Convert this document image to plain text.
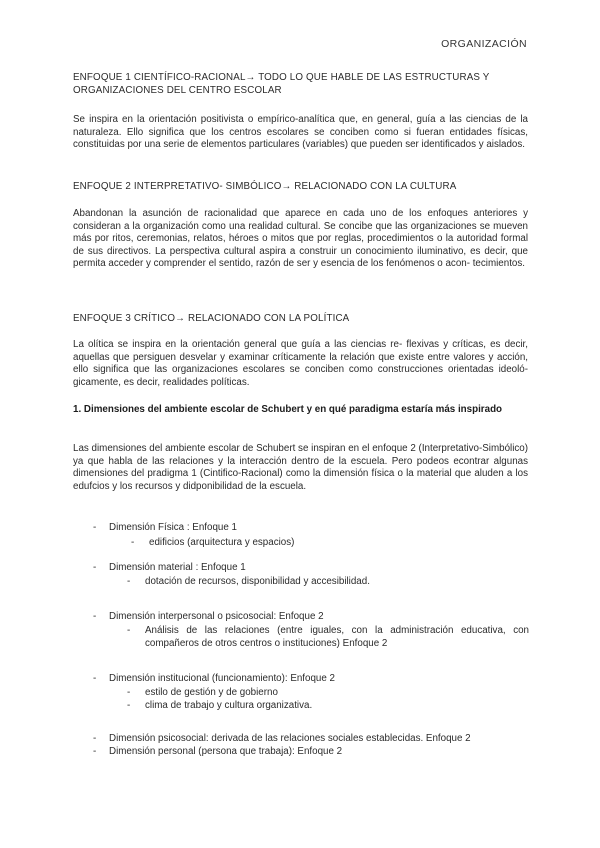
ORGANIZACIÓN
ENFOQUE 1 CIENTÍFICO-RACIONAL→ TODO LO QUE HABLE DE LAS ESTRUCTURAS Y ORGANIZACIONES DEL CENTRO ESCOLAR
Se inspira en la orientación positivista o empírico-analítica que, en general, guía a las ciencias de la naturaleza. Ello significa que los centros escolares se conciben como si fueran entidades físicas, constituidas por una serie de elementos particulares (variables) que pueden ser identificados y aislados.
ENFOQUE 2 INTERPRETATIVO- SIMBÓLICO→ RELACIONADO CON LA CULTURA
Abandonan la asunción de racionalidad que aparece en cada uno de los enfoques anteriores y consideran a la organización como una realidad cultural. Se concibe que las organizaciones se mueven más por ritos, ceremonias, relatos, héroes o mitos que por reglas, procedimientos o la autoridad formal de sus directivos. La perspectiva cultural aspira a construir un conocimiento iluminativo, es decir, que permita acceder y comprender el sentido, razón de ser y esencia de los fenómenos o acon- tecimientos.
ENFOQUE 3 CRÍTICO→ RELACIONADO CON LA POLÍTICA
La olítica se inspira en la orientación general que guía a las ciencias re- flexivas y críticas, es decir, aquellas que persiguen desvelar y examinar críticamente la relación que existe entre valores y acción, ello significa que las organizaciones escolares se conciben como construcciones orientadas ideoló- gicamente, es decir, realidades políticas.
1. Dimensiones del ambiente escolar de Schubert y en qué paradigma estaría más inspirado
Las dimensiones del ambiente escolar de Schubert se inspiran en el enfoque 2 (Interpretativo-Simbólico) ya que habla de las relaciones y la interacción dentro de la escuela. Pero podeos econtrar algunas dimensiones del pradigma 1 (Cintifico-Racional) como la dimensión física o la material que aluden a los edufcios y los recursos y didponibilidad de la escuela.
- Dimensión Física : Enfoque 1
- edificios (arquitectura y espacios)
- Dimensión material : Enfoque 1
- dotación de recursos, disponibilidad y accesibilidad.
- Dimensión interpersonal o psicosocial: Enfoque 2
- Análisis de las relaciones (entre iguales, con la administración educativa, con compañeros de otros centros o instituciones) Enfoque 2
- Dimensión institucional (funcionamiento): Enfoque 2
- estilo de gestión y de gobierno
- clima de trabajo y cultura organizativa.
- Dimensión psicosocial: derivada de las relaciones sociales establecidas. Enfoque 2
- Dimensión personal (persona que trabaja): Enfoque 2
